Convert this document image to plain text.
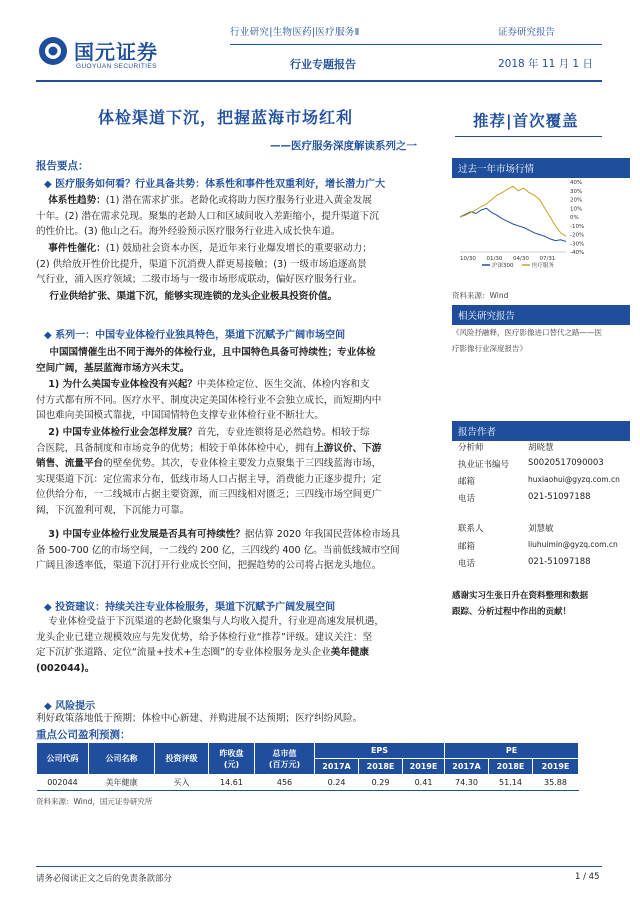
国元证券
GUOYUAN SECURITIES
行业研究|生物医药|医疗服务Ⅱ	证券研究报告
行业专题报告	2018 年 11 月 1 日
体检渠道下沉，把握蓝海市场红利
——医疗服务深度解读系列之一
推荐|首次覆盖
报告要点：
◆ 医疗服务如何看？行业具备共势：体系性和事件性双重利好，增长潜力广大
体系性趋势：(1) 潜在需求扩张。老龄化或将助力医疗服务行业进入黄金发展
十年。(2) 潜在需求兑现。聚集的老龄人口和区域间收入差距缩小，提升渠道下沉
的性价比。(3) 他山之石。海外经验预示医疗服务行业进入成长快车道。
事件性催化：(1) 鼓励社会资本办医，是近年来行业爆发增长的重要驱动力；
(2) 供给放开性价比提升，渠道下沉消费人群更易接触；(3) 一级市场追逐高景
气行业，涌入医疗领域；二级市场与一级市场形成联动，偏好医疗服务行业。
行业供给扩张、渠道下沉，能够实现连锁的龙头企业极具投资价值。
◆ 系列一：中国专业体检行业独具特色，渠道下沉赋予广阔市场空间
中国国情催生出不同于海外的体检行业，且中国特色具备可持续性；专业体检
空间广阔，基层蓝海市场方兴未艾。
1) 为什么美国专业体检没有兴起？中美体检定位、医生交流、体检内容和支
付方式都有所不同。医疗水平、制度决定美国体检行业不会独立成长，而短期内中
国也难向美国模式靠拢，中国国情特色支撑专业体检行业不断壮大。
2) 中国专业体检行业会怎样发展？首先，专业连锁将是必然趋势。相较于综
合医院，具备制度和市场竞争的优势；相较于单体体检中心，拥有上游议价、下游
销售、流量平台的壁垒优势。其次，专业体检主要发力点聚集于三四线蓝海市场，
实现渠道下沉：定位需求分布，低线市场人口占据主导，消费能力正逐步提升；定
位供给分布，一二线城市占据主要资源，而三四线相对匮乏；三四线市场空间更广
阔，下沉盈利可观，下沉能力可靠。
3) 中国专业体检行业发展是否具有可持续性？据估算 2020 年我国民营体检市场具
备 500-700 亿的市场空间，一二线约 200 亿，三四线约 400 亿。当前低线城市空间
广阔且渗透率低，渠道下沉打开行业成长空间，把握趋势的公司将占据龙头地位。
◆ 投资建议：持续关注专业体检服务，渠道下沉赋予广阔发展空间
专业体检受益于下沉渠道的老龄化聚集与人均收入提升，行业迎高速发展机遇，
龙头企业已建立规模效应与先发优势，给予体检行业“推荐”评级。建议关注：坚
定下沉扩张道路、定位“流量+技术+生态圈”的专业体检服务龙头企业美年健康
(002044)。
◆ 风险提示
利好政策落地低于预期；体检中心新建、并购进展不达预期；医疗纠纷风险。
重点公司盈利预测：
公司代码	公司名称	投资评级	昨收盘
(元)	总市值
(百万元)	EPS			PE		
					2017A	2018E	2019E	2017A	2018E	2019E
002044	美年健康	买入	14.61	456	0.24	0.29	0.41	74.30	51.14	35.88
资料来源：Wind，国元证券研究所
过去一年市场行情
40%
30%
20%
10%
0%
-10%
-20%
-30%
-40%
10/30 01/30 04/30 07/31
沪深300	医疗服务
资料来源：Wind
相关研究报告
《风险抒融释，医疗影像进口替代之路——医
疗影像行业深度报告》
报告作者
分析师	胡晓慧
执业证书编号 S0020517090003
邮箱	huxiaohui@gyzq.com.cn
电话	021-51097188
联系人	刘慧敏
邮箱	liuhuimin@gyzq.com.cn
电话	021-51097188
感谢实习生张日升在资料整理和数据
跟踪、分析过程中作出的贡献！
请务必阅读正文之后的免责条款部分	1 / 45
